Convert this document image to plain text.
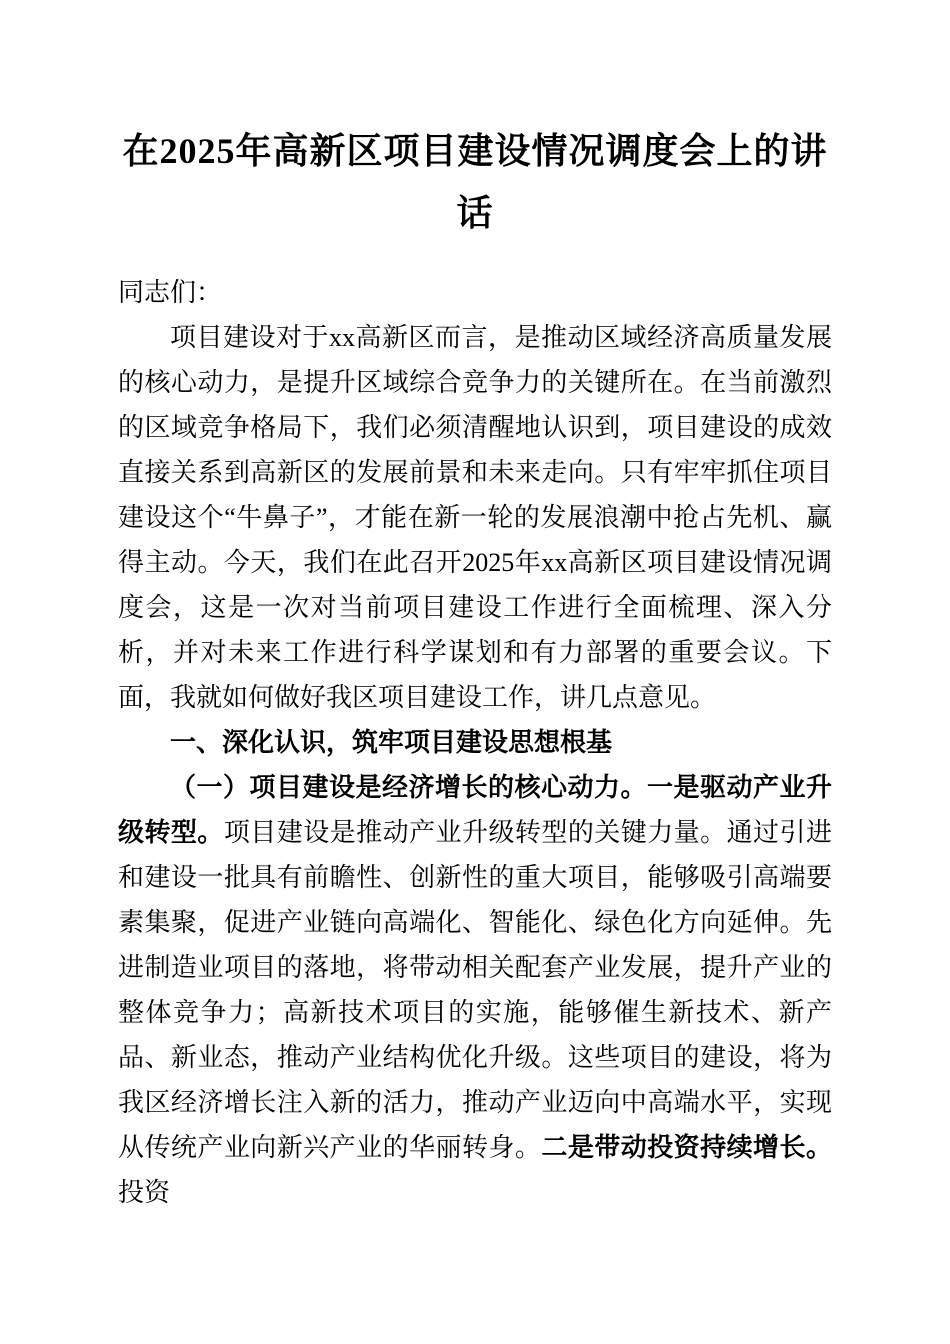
在2025年高新区项目建设情况调度会上的讲话

同志们：

项目建设对于xx高新区而言，是推动区域经济高质量发展的核心动力，是提升区域综合竞争力的关键所在。在当前激烈的区域竞争格局下，我们必须清醒地认识到，项目建设的成效直接关系到高新区的发展前景和未来走向。只有牢牢抓住项目建设这个“牛鼻子”，才能在新一轮的发展浪潮中抢占先机、赢得主动。今天，我们在此召开2025年xx高新区项目建设情况调度会，这是一次对当前项目建设工作进行全面梳理、深入分析，并对未来工作进行科学谋划和有力部署的重要会议。下面，我就如何做好我区项目建设工作，讲几点意见。

一、深化认识，筑牢项目建设思想根基

（一）项目建设是经济增长的核心动力。一是驱动产业升级转型。项目建设是推动产业升级转型的关键力量。通过引进和建设一批具有前瞻性、创新性的重大项目，能够吸引高端要素集聚，促进产业链向高端化、智能化、绿色化方向延伸。先进制造业项目的落地，将带动相关配套产业发展，提升产业的整体竞争力；高新技术项目的实施，能够催生新技术、新产品、新业态，推动产业结构优化升级。这些项目的建设，将为我区经济增长注入新的活力，推动产业迈向中高端水平，实现从传统产业向新兴产业的华丽转身。二是带动投资持续增长。投资
